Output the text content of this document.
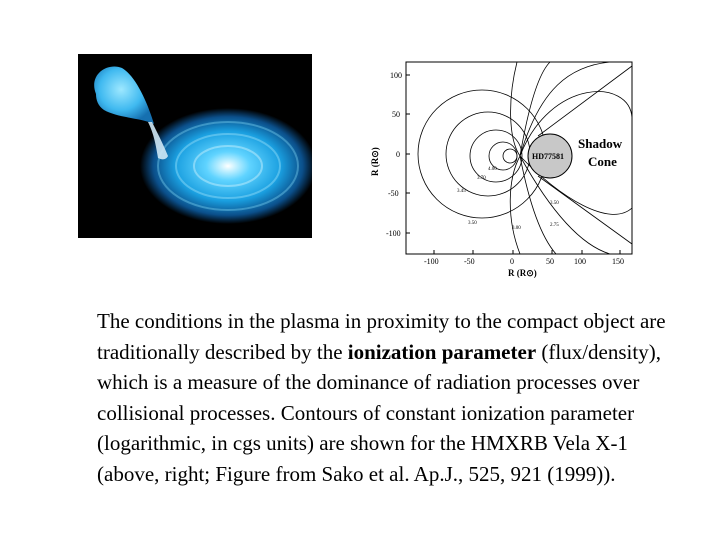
100
50
0
-50
-100
-100	-50	0	50	100	150
R (R⊙)
R (R⊙)	HD77581
Shadow
Cone
4.00
3.70
3.45
3.50
3.50
3.00
2.75
The conditions in the plasma in proximity to the compact object are traditionally described by the ionization parameter (flux/density), which is a measure of the dominance of radiation processes over collisional processes. Contours of constant ionization parameter (logarithmic, in cgs units) are shown for the HMXRB Vela X-1 (above, right; Figure from Sako et al. Ap.J., 525, 921 (1999)).
